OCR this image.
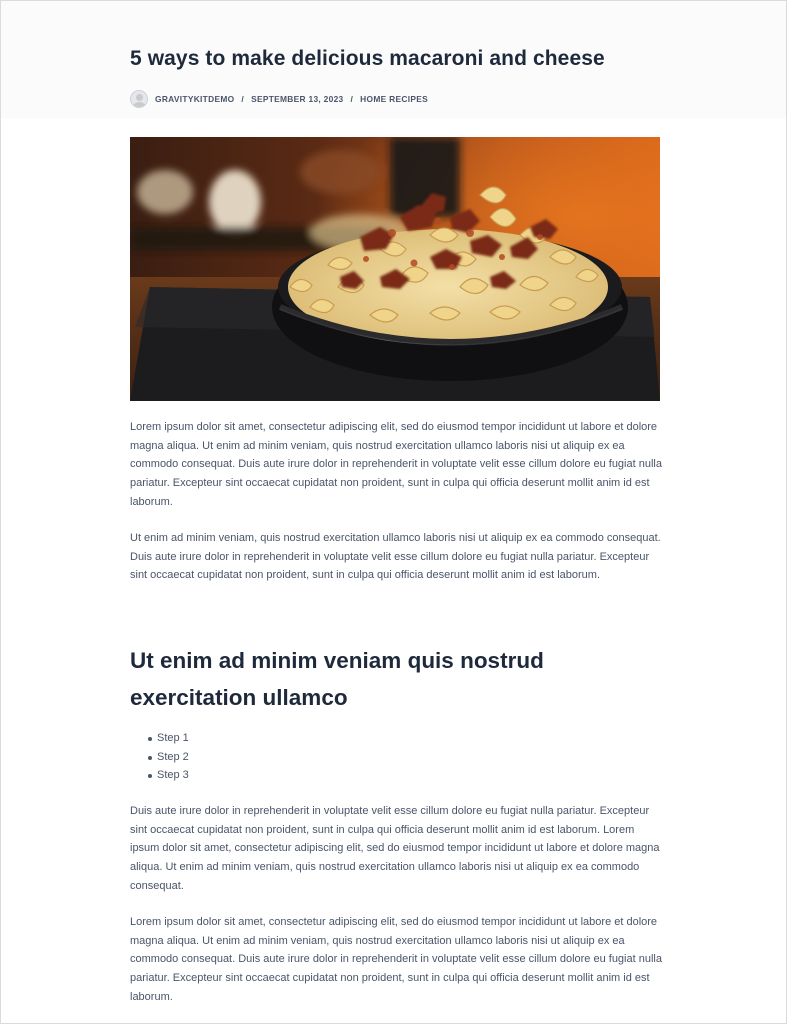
5 ways to make delicious macaroni and cheese
GRAVITYKITDEMO / SEPTEMBER 13, 2023 / HOME RECIPES

Lorem ipsum dolor sit amet, consectetur adipiscing elit, sed do eiusmod tempor incididunt ut labore et dolore magna aliqua. Ut enim ad minim veniam, quis nostrud exercitation ullamco laboris nisi ut aliquip ex ea commodo consequat. Duis aute irure dolor in reprehenderit in voluptate velit esse cillum dolore eu fugiat nulla pariatur. Excepteur sint occaecat cupidatat non proident, sunt in culpa qui officia deserunt mollit anim id est laborum.

Ut enim ad minim veniam, quis nostrud exercitation ullamco laboris nisi ut aliquip ex ea commodo consequat. Duis aute irure dolor in reprehenderit in voluptate velit esse cillum dolore eu fugiat nulla pariatur. Excepteur sint occaecat cupidatat non proident, sunt in culpa qui officia deserunt mollit anim id est laborum.

Ut enim ad minim veniam quis nostrud exercitation ullamco
Step 1
Step 2
Step 3

Duis aute irure dolor in reprehenderit in voluptate velit esse cillum dolore eu fugiat nulla pariatur. Excepteur sint occaecat cupidatat non proident, sunt in culpa qui officia deserunt mollit anim id est laborum. Lorem ipsum dolor sit amet, consectetur adipiscing elit, sed do eiusmod tempor incididunt ut labore et dolore magna aliqua. Ut enim ad minim veniam, quis nostrud exercitation ullamco laboris nisi ut aliquip ex ea commodo consequat.

Lorem ipsum dolor sit amet, consectetur adipiscing elit, sed do eiusmod tempor incididunt ut labore et dolore magna aliqua. Ut enim ad minim veniam, quis nostrud exercitation ullamco laboris nisi ut aliquip ex ea commodo consequat. Duis aute irure dolor in reprehenderit in voluptate velit esse cillum dolore eu fugiat nulla pariatur. Excepteur sint occaecat cupidatat non proident, sunt in culpa qui officia deserunt mollit anim id est laborum.
